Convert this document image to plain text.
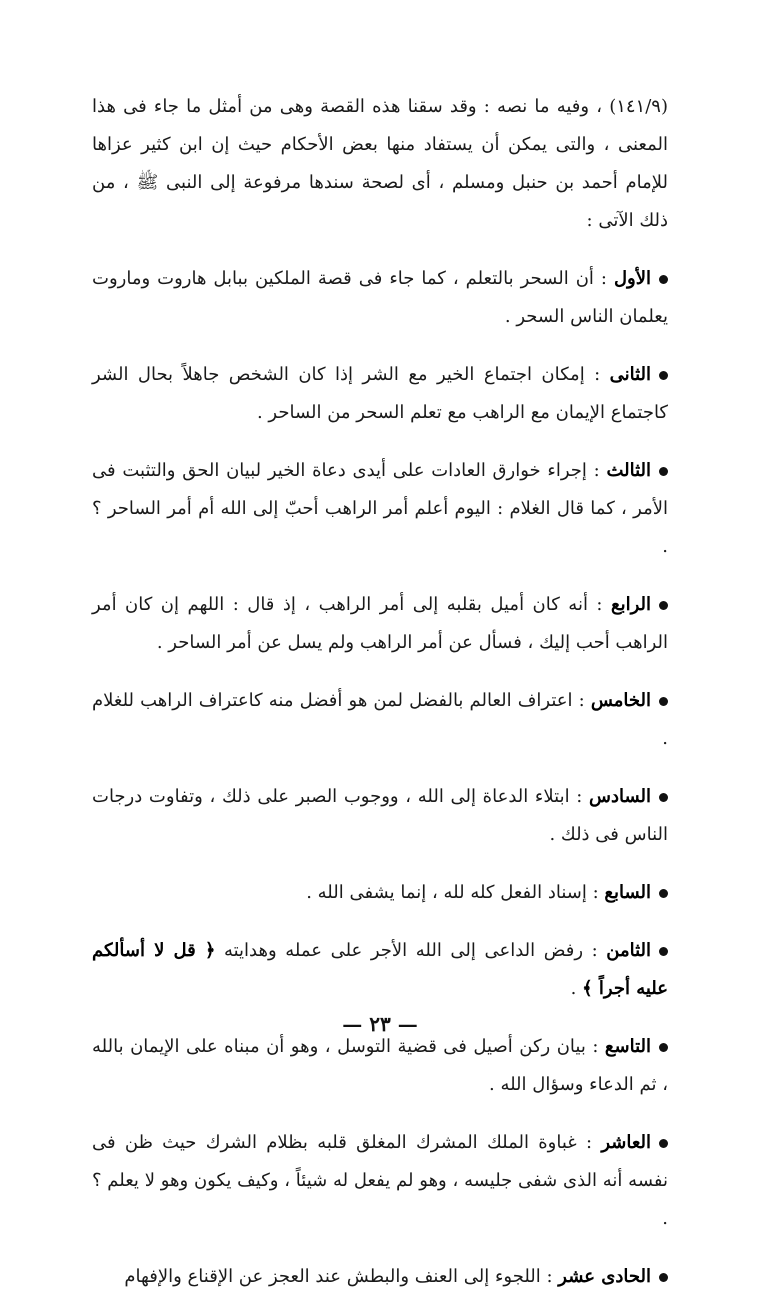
(١٤١/٩) ، وفيه ما نصه : وقد سقنا هذه القصة وهى من أمثل ما جاء فى هذا المعنى ، والتى يمكن أن يستفاد منها بعض الأحكام حيث إن ابن كثير عزاها للإمام أحمد بن حنبل ومسلم ، أى لصحة سندها مرفوعة إلى النبى ﷺ ، من ذلك الآتى :

الأول : أن السحر بالتعلم ، كما جاء فى قصة الملكين ببابل هاروت وماروت يعلمان الناس السحر .

الثانى : إمكان اجتماع الخير مع الشر إذا كان الشخص جاهلاً بحال الشر كاجتماع الإيمان مع الراهب مع تعلم السحر من الساحر .

الثالث : إجراء خوارق العادات على أيدى دعاة الخير لبيان الحق والتثبت فى الأمر ، كما قال الغلام : اليوم أعلم أمر الراهب أحبّ إلى الله أم أمر الساحر ؟ .

الرابع : أنه كان أميل بقلبه إلى أمر الراهب ، إذ قال : اللهم إن كان أمر الراهب أحب إليك ، فسأل عن أمر الراهب ولم يسل عن أمر الساحر .

الخامس : اعتراف العالم بالفضل لمن هو أفضل منه كاعتراف الراهب للغلام .

السادس : ابتلاء الدعاة إلى الله ، ووجوب الصبر على ذلك ، وتفاوت درجات الناس فى ذلك .

السابع : إسناد الفعل كله لله ، إنما يشفى الله .

الثامن : رفض الداعى إلى الله الأجر على عمله وهدايته ﴿ قل لا أسألكم عليه أجراً ﴾ .

التاسع : بيان ركن أصيل فى قضية التوسل ، وهو أن مبناه على الإيمان بالله ، ثم الدعاء وسؤال الله .

العاشر : غباوة الملك المشرك المغلق قلبه بظلام الشرك حيث ظن فى نفسه أنه الذى شفى جليسه ، وهو لم يفعل له شيئاً ، وكيف يكون وهو لا يعلم ؟ .

الحادى عشر : اللجوء إلى العنف والبطش عند العجز عن الإقناع والإفهام

— ٢٣ —
